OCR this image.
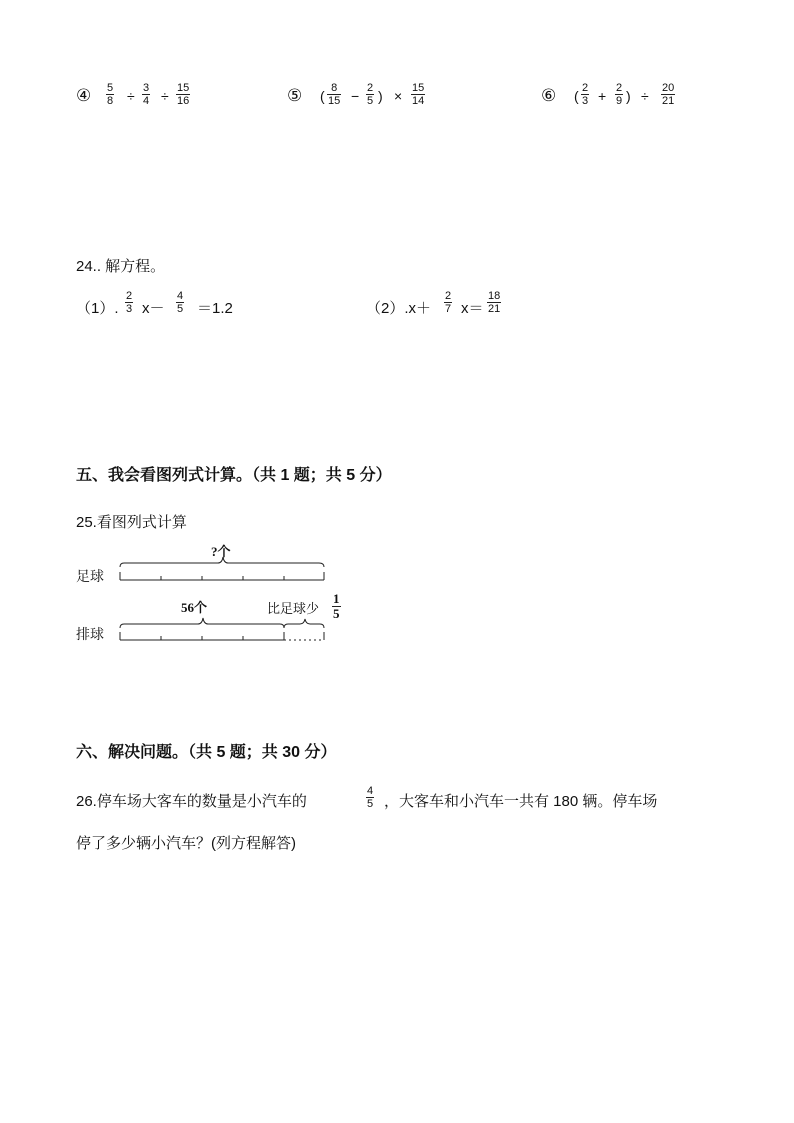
④ $\frac{5}{8} \div \frac{3}{4} \div \frac{15}{16}$	⑤ ( $\frac{8}{15} - \frac{2}{5}$ ) × $\frac{15}{14}$	⑥ ( $\frac{2}{3} + \frac{2}{9}$ ) ÷ $\frac{20}{21}$
24.. 解方程。
（1）. $\frac{2}{3} x- \frac{4}{5} =1.2$	$(2).x+ \frac{2}{7} x= \frac{18}{21}$
五、我会看图列式计算。（共 1 题；共 5 分）
25.看图列式计算
足球
排球
?个
56个	比足球少 $\frac{1}{5}$
六、解决问题。（共 5 题；共 30 分）
26.停车场大客车的数量是小汽车的	$\frac{4}{5}$ ，大客车和小汽车一共有 180 辆。停车场
停了多少辆小汽车？(列方程解答)
